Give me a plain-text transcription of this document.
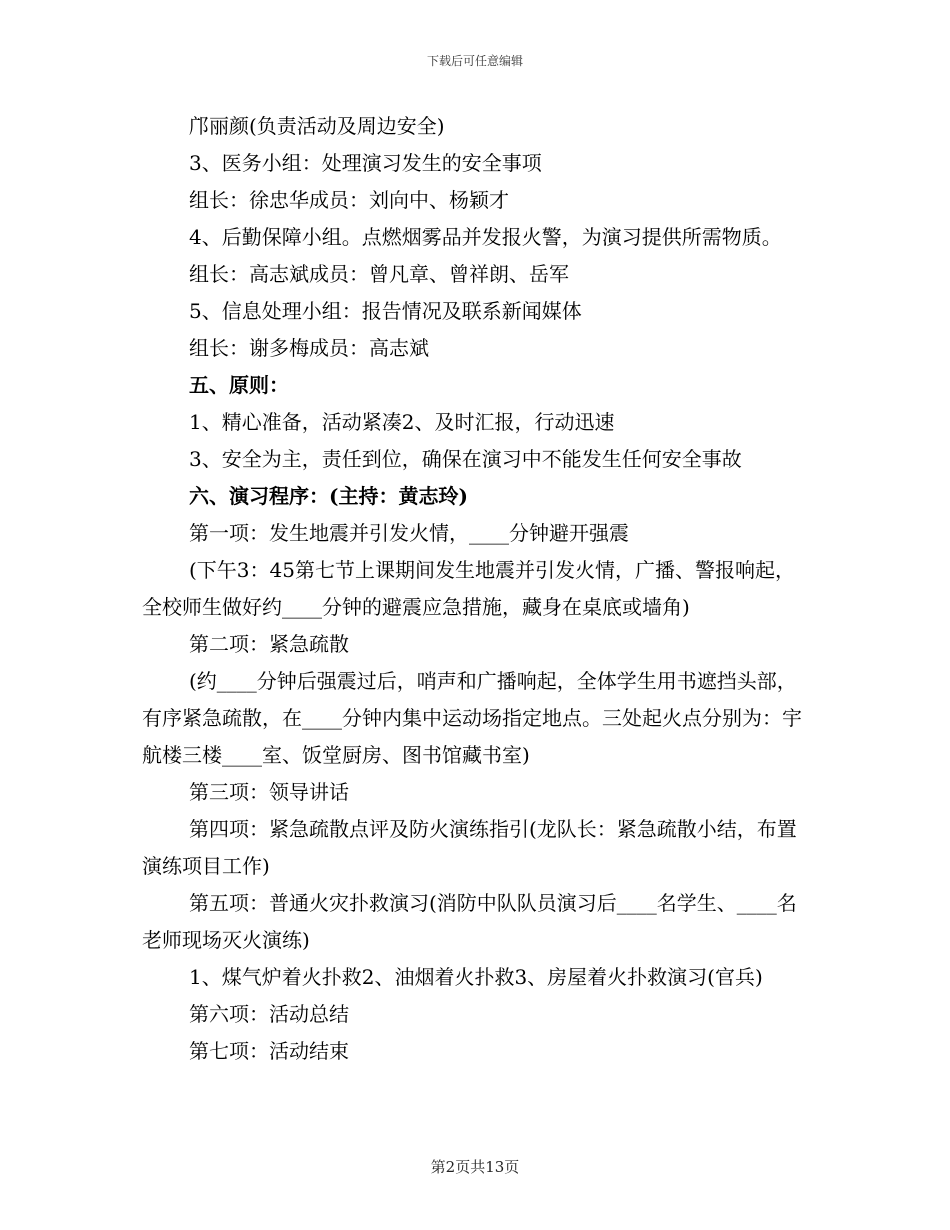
下载后可任意编辑

邝丽颜(负责活动及周边安全)

3、医务小组：处理演习发生的安全事项

组长：徐忠华成员：刘向中、杨颖才

4、后勤保障小组。点燃烟雾品并发报火警，为演习提供所需物质。

组长：高志斌成员：曾凡章、曾祥朗、岳军

5、信息处理小组：报告情况及联系新闻媒体

组长：谢多梅成员：高志斌

五、原则：

1、精心准备，活动紧凑2、及时汇报，行动迅速

3、安全为主，责任到位，确保在演习中不能发生任何安全事故

六、演习程序：(主持：黄志玲)

第一项：发生地震并引发火情，____分钟避开强震

(下午3：45第七节上课期间发生地震并引发火情，广播、警报响起，全校师生做好约____分钟的避震应急措施，藏身在桌底或墙角)

第二项：紧急疏散

(约____分钟后强震过后，哨声和广播响起，全体学生用书遮挡头部，有序紧急疏散，在____分钟内集中运动场指定地点。三处起火点分别为：宇航楼三楼____室、饭堂厨房、图书馆藏书室)

第三项：领导讲话

第四项：紧急疏散点评及防火演练指引(龙队长：紧急疏散小结，布置演练项目工作)

第五项：普通火灾扑救演习(消防中队队员演习后____名学生、____名老师现场灭火演练)

1、煤气炉着火扑救2、油烟着火扑救3、房屋着火扑救演习(官兵)

第六项：活动总结

第七项：活动结束

第2页共13页
